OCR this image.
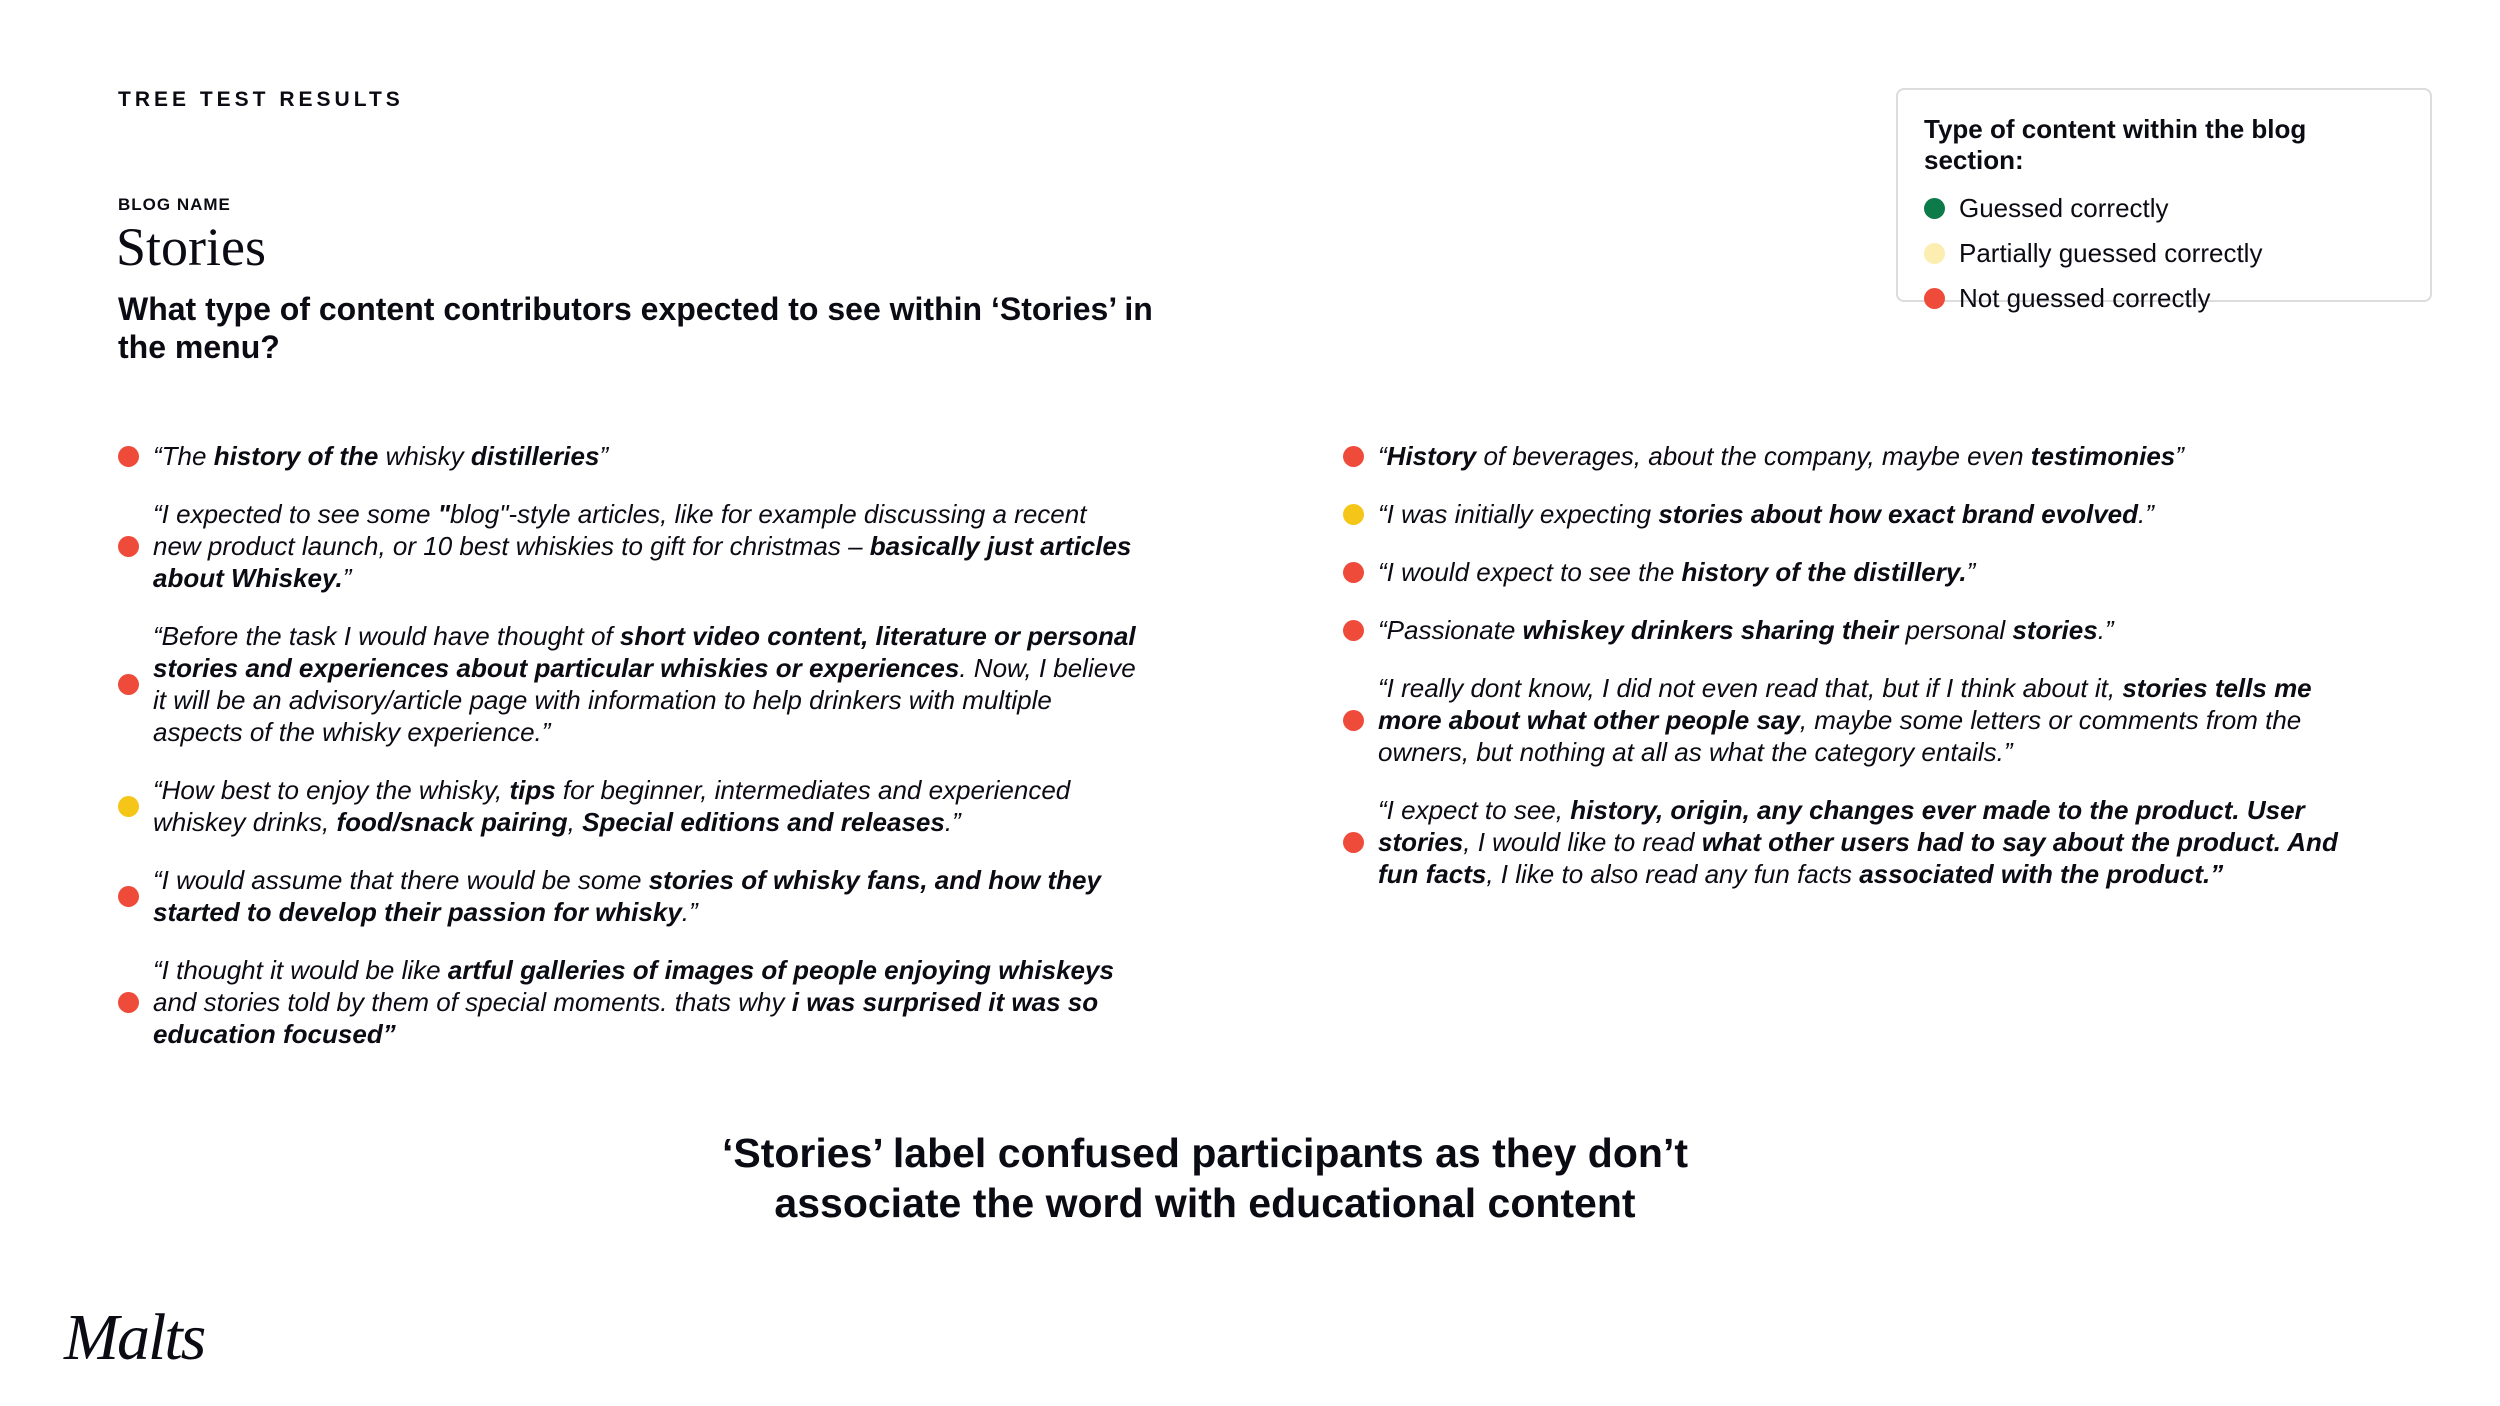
TREE TEST RESULTS
BLOG NAME
Stories
What type of content contributors expected to see within ‘Stories’ in the menu?
Type of content within the blog section:
Guessed correctly
Partially guessed correctly
Not guessed correctly
“The history of the whisky distilleries”
“I expected to see some "blog"-style articles, like for example discussing a recent new product launch, or 10 best whiskies to gift for christmas – basically just articles about Whiskey.”
“Before the task I would have thought of short video content, literature or personal stories and experiences about particular whiskies or experiences. Now, I believe it will be an advisory/article page with information to help drinkers with multiple aspects of the whisky experience.”
“How best to enjoy the whisky, tips for beginner, intermediates and experienced whiskey drinks, food/snack pairing, Special editions and releases.”
“I would assume that there would be some stories of whisky fans, and how they started to develop their passion for whisky.”
“I thought it would be like artful galleries of images of people enjoying whiskeys and stories told by them of special moments. thats why i was surprised it was so education focused”
“History of beverages, about the company, maybe even testimonies”
“I was initially expecting stories about how exact brand evolved.”
“I would expect to see the history of the distillery.”
“Passionate whiskey drinkers sharing their personal stories.”
“I really dont know, I did not even read that, but if I think about it, stories tells me more about what other people say, maybe some letters or comments from the owners, but nothing at all as what the category entails.”
“I expect to see, history, origin, any changes ever made to the product. User stories, I would like to read what other users had to say about the product. And fun facts, I like to also read any fun facts associated with the product.”
‘Stories’ label confused participants as they don’t
associate the word with educational content
Malts
